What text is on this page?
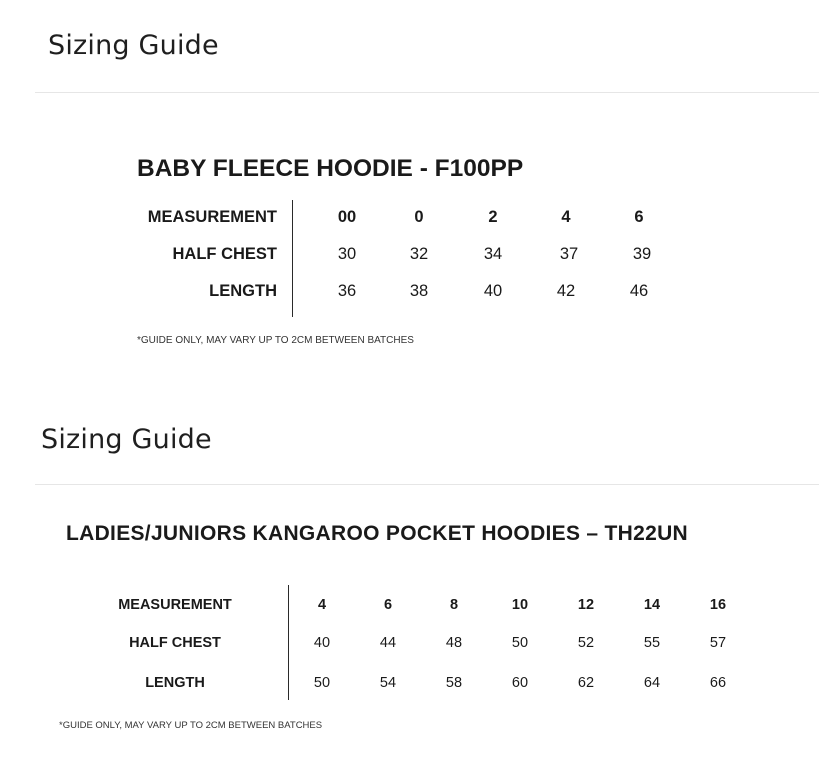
Sizing Guide
BABY FLEECE HOODIE - F100PP
MEASUREMENT	00	0	2	4	6
HALF CHEST	30	32	34	37	39
LENGTH	36	38	40	42	46
*GUIDE ONLY, MAY VARY UP TO 2CM BETWEEN BATCHES
Sizing Guide
LADIES/JUNIORS KANGAROO POCKET HOODIES – TH22UN
MEASUREMENT	4	6	8	10	12	14	16
HALF CHEST	40	44	48	50	52	55	57
LENGTH	50	54	58	60	62	64	66
*GUIDE ONLY, MAY VARY UP TO 2CM BETWEEN BATCHES
